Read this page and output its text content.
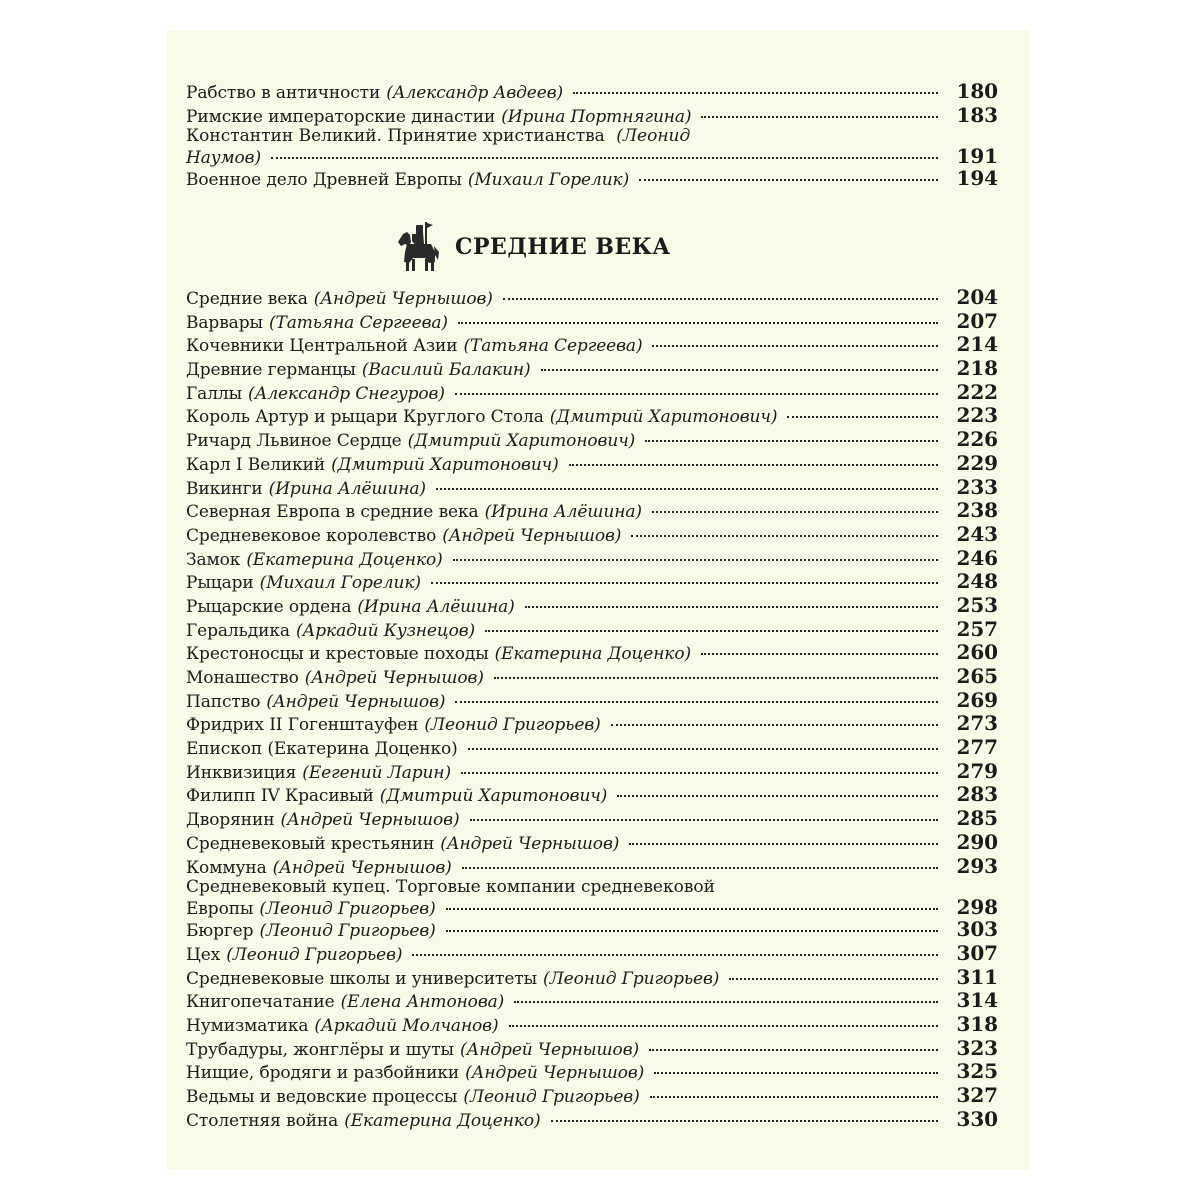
Рабство в античности (Александр Авдеев)	180
Римские императорские династии (Ирина Портнягина)	183
Константин Великий. Принятие христианства (Леонид
Наумов)	191
Военное дело Древней Европы (Михаил Горелик)	194
СРЕДНИЕ ВЕКА
Средние века (Андрей Чернышов)	204
Варвары (Татьяна Сергеева)	207
Кочевники Центральной Азии (Татьяна Сергеева)	214
Древние германцы (Василий Балакин)	218
Галлы (Александр Снегуров)	222
Король Артур и рыцари Круглого Стола (Дмитрий Харитонович)	223
Ричард Львиное Сердце (Дмитрий Харитонович)	226
Карл I Великий (Дмитрий Харитонович)	229
Викинги (Ирина Алёшина)	233
Северная Европа в средние века (Ирина Алёшина)	238
Средневековое королевство (Андрей Чернышов)	243
Замок (Екатерина Доценко)	246
Рыцари (Михаил Горелик)	248
Рыцарские ордена (Ирина Алёшина)	253
Геральдика (Аркадий Кузнецов)	257
Крестоносцы и крестовые походы (Екатерина Доценко)	260
Монашество (Андрей Чернышов)	265
Папство (Андрей Чернышов)	269
Фридрих II Гогенштауфен (Леонид Григорьев)	273
Епископ (Екатерина Доценко)	277
Инквизиция (Еегений Ларин)	279
Филипп IV Красивый (Дмитрий Харитонович)	283
Дворянин (Андрей Чернышов)	285
Средневековый крестьянин (Андрей Чернышов)	290
Коммуна (Андрей Чернышов)	293
Средневековый купец. Торговые компании средневековой
Европы (Леонид Григорьев)	298
Бюргер (Леонид Григорьев)	303
Цех (Леонид Григорьев)	307
Средневековые школы и университеты (Леонид Григорьев)	311
Книгопечатание (Елена Антонова)	314
Нумизматика (Аркадий Молчанов)	318
Трубадуры, жонглёры и шуты (Андрей Чернышов)	323
Нищие, бродяги и разбойники (Андрей Чернышов)	325
Ведьмы и ведовские процессы (Леонид Григорьев)	327
Столетняя война (Екатерина Доценко)	330
